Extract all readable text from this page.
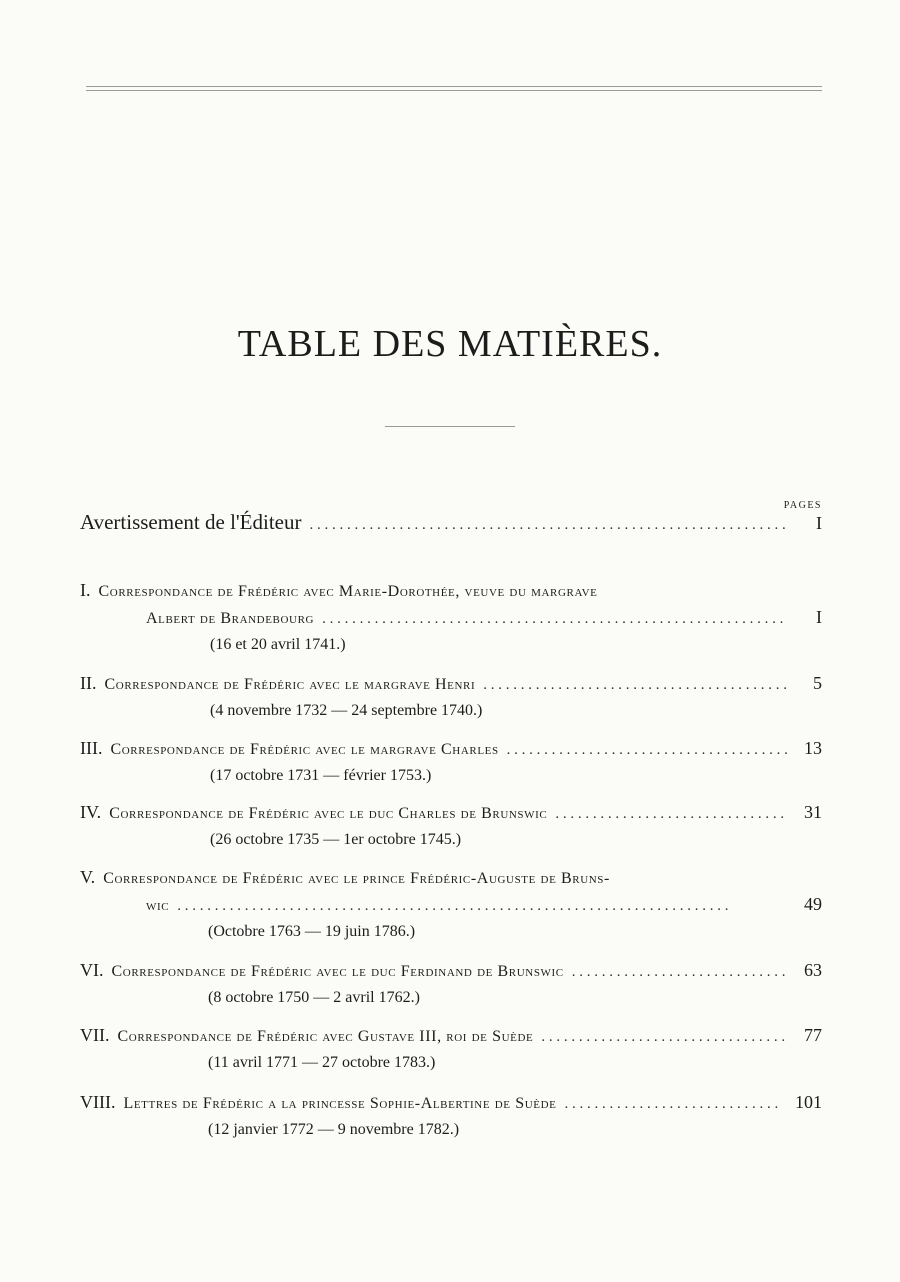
TABLE DES MATIÈRES.
PAGES
Avertissement de l'Éditeur . . .	I
I. Correspondance de Frédéric avec Marie-Dorothée, veuve du margrave
Albert de Brandebourg . . .	I
(16 et 20 avril 1741.)
II. Correspondance de Frédéric avec le margrave Henri . . .	5
(4 novembre 1732 — 24 septembre 1740.)
III. Correspondance de Frédéric avec le margrave Charles . . .	13
(17 octobre 1731 — février 1753.)
IV. Correspondance de Frédéric avec le duc Charles de Brunswic . . .	31
(26 octobre 1735 — 1er octobre 1745.)
V. Correspondance de Frédéric avec le prince Frédéric-Auguste de Bruns-
wic . . .	49
(Octobre 1763 — 19 juin 1786.)
VI. Correspondance de Frédéric avec le duc Ferdinand de Brunswic . . .	63
(8 octobre 1750 — 2 avril 1762.)
VII. Correspondance de Frédéric avec Gustave III, roi de Suède . . .	77
(11 avril 1771 — 27 octobre 1783.)
VIII. Lettres de Frédéric a la princesse Sophie-Albertine de Suède . . .	101
(12 janvier 1772 — 9 novembre 1782.)
